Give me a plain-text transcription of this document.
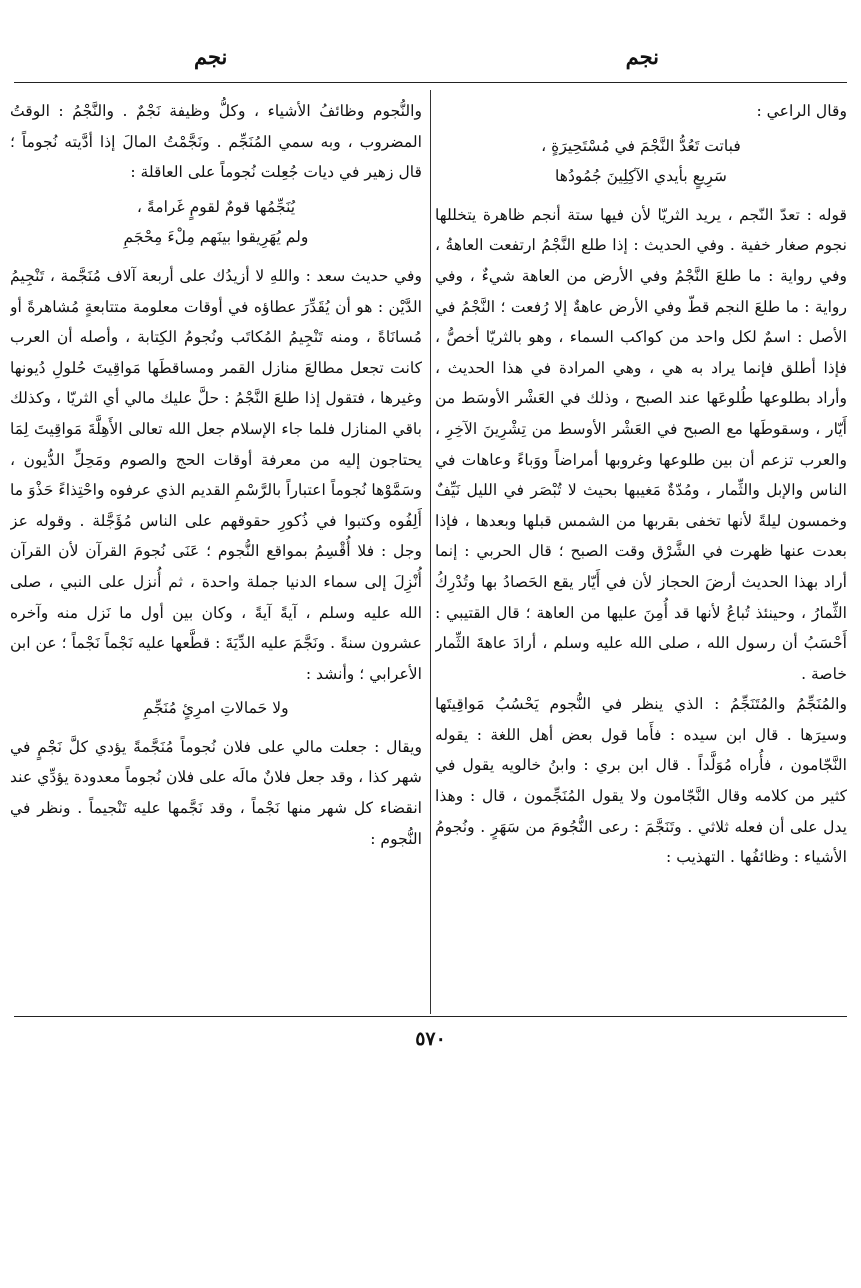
نجم
نجم

وقال الراعي :

فباتت تَعُدُّ النَّجْمَ في مُسْتَحِيرَةٍ ،

سَرِيعٍ بأيدي الآكِلِينَ جُمُودُها

قوله : تعدّ النّجم ، يريد الثريّا لأن فيها ستة أنجم ظاهرة يتخللها نجوم صغار خفية . وفي الحديث : إذا طلع النَّجْمُ ارتفعت العاهةُ ، وفي رواية : ما طلعَ النَّجْمُ وفي الأرض من العاهة شيءٌ ، وفي رواية : ما طلعَ النجم قطّ وفي الأرض عاهةٌ إلا رُفعت ؛ النَّجْمُ في الأصل : اسمٌ لكل واحد من كواكب السماء ، وهو بالثريّا أخصُّ ، فإذا أطلق فإنما يراد به هي ، وهي المرادة في هذا الحديث ، وأراد بطلوعها طُلوعَها عند الصبح ، وذلك في العَشْر الأوسَط من أَيّار ، وسقوطَها مع الصبح في العَشْر الأوسط من تِشْرِينَ الآخِرِ ، والعرب تزعم أن بين طلوعها وغروبها أمراضاً ووَباءً وعاهات في الناس والإبل والثِّمار ، ومُدّةٌ مَغيبها بحيث لا تُبْصَر في الليل نَيِّفٌ وخمسون ليلةً لأنها تخفى بقربها من الشمس قبلها وبعدها ، فإذا بعدت عنها ظهرت في الشَّرْق وقت الصبح ؛ قال الحربي : إنما أراد بهذا الحديث أرضَ الحجاز لأن في أَيّار يقع الحَصادُ بها وتُدْرِكُ الثِّمارُ ، وحينئذ تُباعُ لأنها قد أُمِنَ عليها من العاهة ؛ قال القتيبي : أَحْسَبُ أن رسول الله ، صلى الله عليه وسلم ، أرادَ عاهةَ الثِّمار خاصة .

والمُنَجِّمُ والمُتَنَجِّمُ : الذي ينظر في النُّجوم يَحْسُبُ مَواقِيتَها وسيرَها . قال ابن سيده : فأَما قول بعض أهل اللغة : يقوله النَّجّامون ، فأُراه مُوَلَّداً . قال ابن بري : وابنُ خالويه يقول في كثير من كلامه وقال النَّجّامون ولا يقول المُنَجِّمون ، قال : وهذا يدل على أن فعله ثلاثي . وتَنَجَّمَ : رعى النُّجُومَ من سَهَرٍ . ونُجومُ الأشياء : وظائفُها . التهذيب :

والنُّجوم وظائفُ الأشياء ، وكلُّ وظيفة نَجْمٌ . والنَّجْمُ : الوقتُ المضروب ، وبه سمي المُنَجِّم . ونَجَّمْتُ المالَ إذا أدَّيته نُجوماً ؛ قال زهير في ديات جُعِلت نُجوماً على العاقلة :

يُنَجِّمُها قومٌ لقومٍ غَرامةً ،

ولم يُهَرِيقوا بينَهم مِلْءَ مِحْجَمِ

وفي حديث سعد : واللهِ لا أزيدُك على أربعة آلاف مُنَجَّمة ، تَنْجِيمُ الدَّيْن : هو أن يُقَدِّرَ عطاؤه في أوقات معلومة متتابعةٍ مُشاهرةً أو مُسانَاةً ، ومنه تَنْجِيمُ المُكاتَب ونُجومُ الكِتابة ، وأصله أن العرب كانت تجعل مطالعَ منازل القمر ومساقطَها مَواقِيتَ حُلولِ دُيونها وغيرها ، فتقول إذا طلعَ النَّجْمُ : حلَّ عليك مالي أي الثريّا ، وكذلك باقي المنازل فلما جاء الإسلام جعل الله تعالى الأَهِلَّةَ مَواقِيتَ لِمَا يحتاجون إليه من معرفة أوقات الحج والصوم ومَحِلِّ الدُّيون ، وسَمَّوْها نُجوماً اعتباراً بالرَّسْمِ القديم الذي عرفوه واحْتِذاءً حَذْوَ ما أَلِفُوه وكتبوا في ذُكورِ حقوقهم على الناس مُؤَجَّلة . وقوله عز وجل : فلا أُقْسِمُ بمواقع النُّجوم ؛ عَنَى نُجومَ القرآن لأن القرآن أُنْزِلَ إلى سماء الدنيا جملة واحدة ، ثم أُنزل على النبي ، صلى الله عليه وسلم ، آيةً آيةً ، وكان بين أول ما نَزل منه وآخره عشرون سنةً . ونَجَّمَ عليه الدِّيَةَ : قطَّعها عليه نَجْماً نَجْماً ؛ عن ابن الأعرابي ؛ وأنشد :

ولا حَمالاتِ امرِئٍ مُنَجِّمِ

ويقال : جعلت مالي على فلان نُجوماً مُنَجَّمةً يؤدي كلَّ نَجْمٍ في شهر كذا ، وقد جعل فلانٌ مالَه على فلان نُجوماً معدودة يؤدِّي عند انقضاء كل شهر منها نَجْماً ، وقد نَجَّمها عليه تَنْجيماً . ونظر في النُّجوم :

٥٧٠
